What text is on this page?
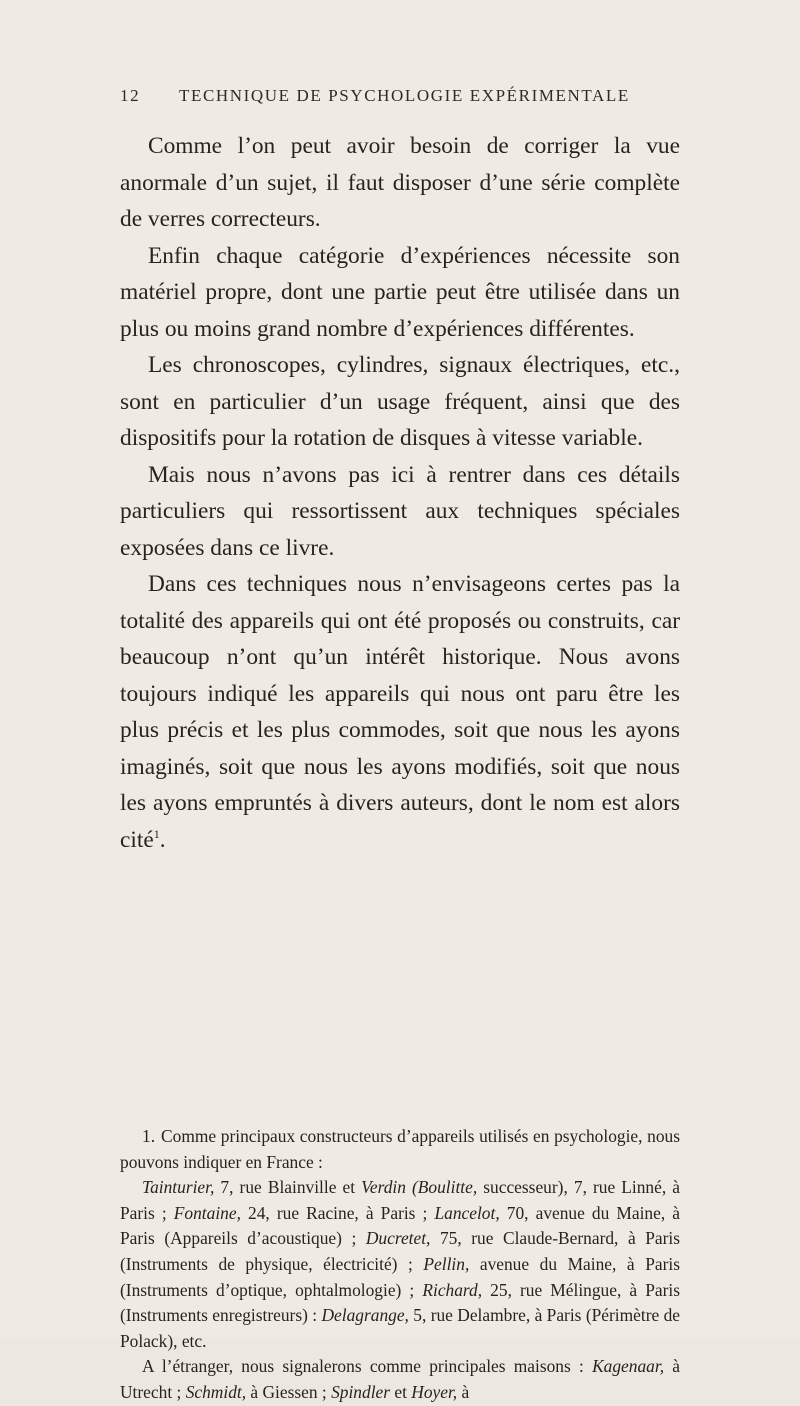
12 TECHNIQUE DE PSYCHOLOGIE EXPÉRIMENTALE

Comme l’on peut avoir besoin de corriger la vue anormale d’un sujet, il faut disposer d’une série complète de verres correcteurs.

Enfin chaque catégorie d’expériences nécessite son matériel propre, dont une partie peut être utilisée dans un plus ou moins grand nombre d’expériences différentes.

Les chronoscopes, cylindres, signaux électriques, etc., sont en particulier d’un usage fréquent, ainsi que des dispositifs pour la rotation de disques à vitesse variable.

Mais nous n’avons pas ici à rentrer dans ces détails particuliers qui ressortissent aux techniques spéciales exposées dans ce livre.

Dans ces techniques nous n’envisageons certes pas la totalité des appareils qui ont été proposés ou construits, car beaucoup n’ont qu’un intérêt historique. Nous avons toujours indiqué les appareils qui nous ont paru être les plus précis et les plus commodes, soit que nous les ayons imaginés, soit que nous les ayons modifiés, soit que nous les ayons empruntés à divers auteurs, dont le nom est alors cité$^1$.

1. Comme principaux constructeurs d’appareils utilisés en psychologie, nous pouvons indiquer en France :

Tainturier, 7, rue Blainville et Verdin (Boulitte, successeur), 7, rue Linné, à Paris ; Fontaine, 24, rue Racine, à Paris ; Lancelot, 70, avenue du Maine, à Paris (Appareils d’acoustique) ; Ducretet, 75, rue Claude-Bernard, à Paris (Instruments de physique, électricité) ; Pellin, avenue du Maine, à Paris (Instruments d’optique, ophtalmologie) ; Richard, 25, rue Mélingue, à Paris (Instruments enregistreurs) : Delagrange, 5, rue Delambre, à Paris (Périmètre de Polack), etc.

A l’étranger, nous signalerons comme principales maisons : Kagenaar, à Utrecht ; Schmidt, à Giessen ; Spindler et Hoyer, à
